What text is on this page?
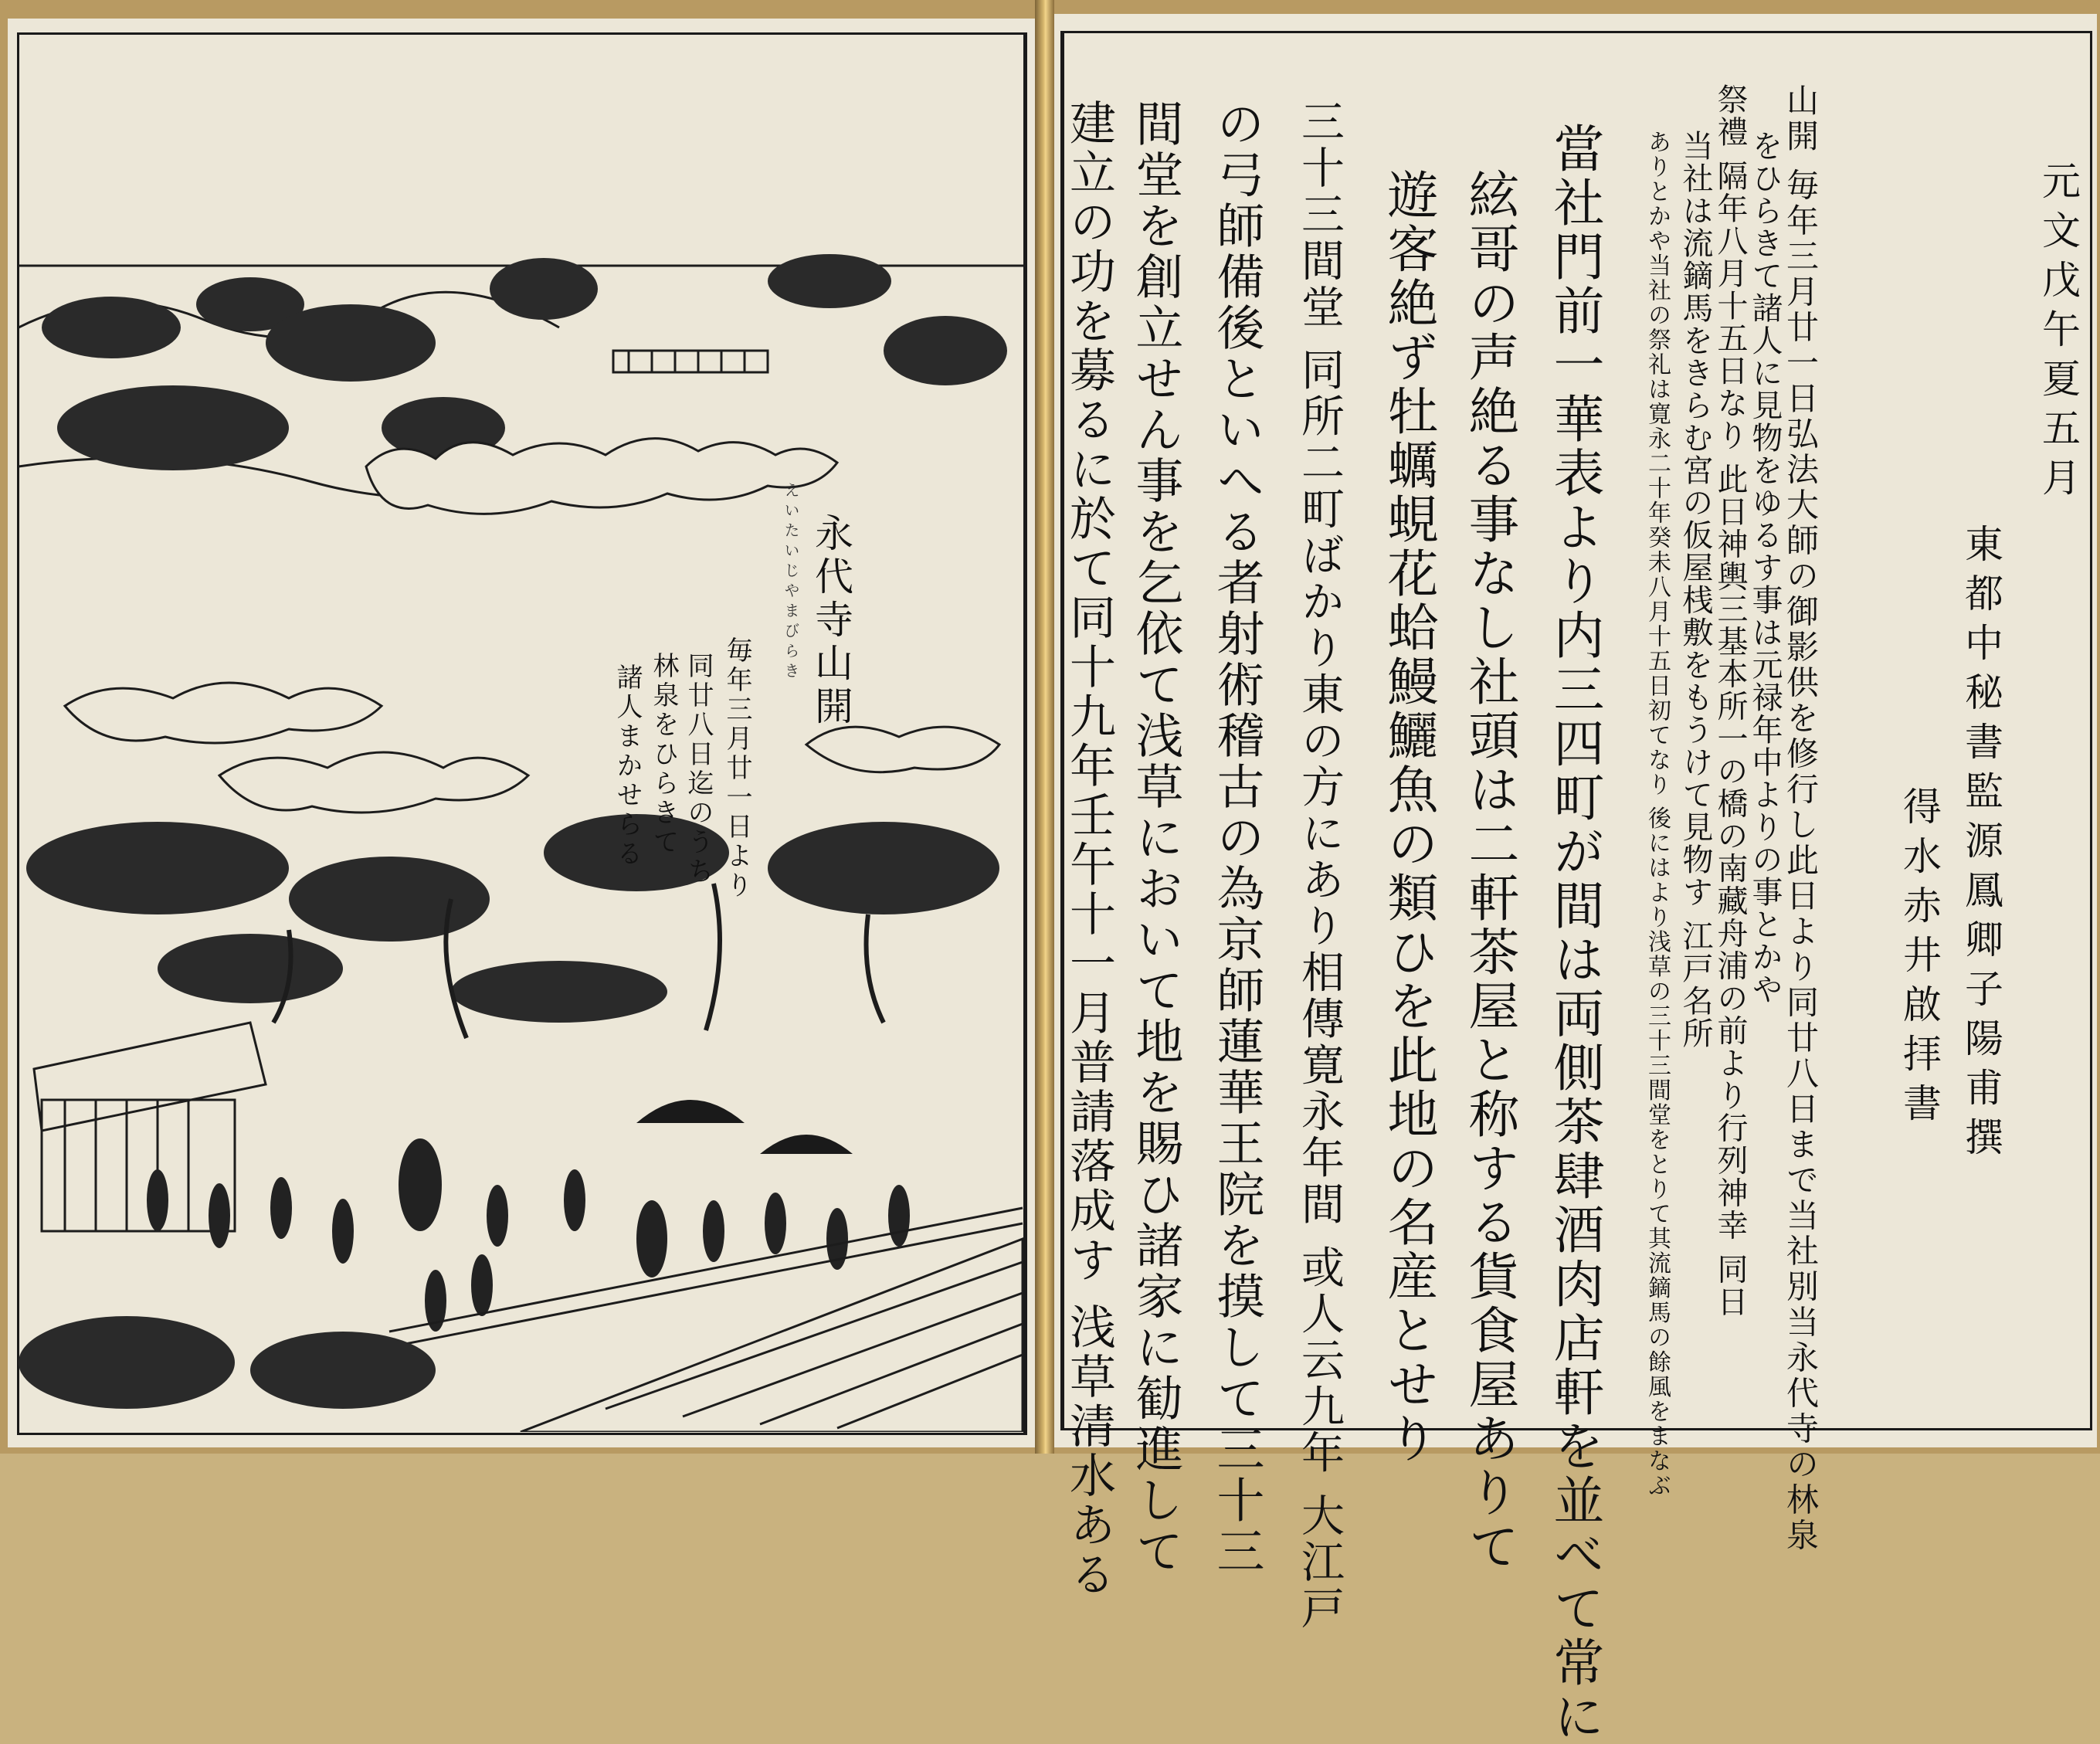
永代寺山開
えいたいじやまびらき
毎年三月廿一日より
同廿八日迄のうち
林泉をひらきて
諸人まかせらる
元文戊午夏五月
東都中秘書監源鳳卿子陽甫撰
得水赤井啟拝書
山開 毎年三月廿一日弘法大師の御影供を修行し此日より同廿八日まで当社別当永代寺の林泉
をひらきて諸人に見物をゆるす事は元禄年中よりの事とかや
祭禮 隔年八月十五日なり 此日神輿三基本所一の橋の南藏舟浦の前より行列神幸 同日
当社は流鏑馬をきらむ宮の仮屋桟敷をもうけて見物す 江戸名所
ありとかや当社の祭礼は寛永二十年癸未八月十五日初てなり 後にはより浅草の三十三間堂をとりて其流鏑馬の餘風をまなぶ
當社門前一華表より内三四町が間は両側茶肆酒肉店軒を並べて常に
絃哥の声絶る事なし社頭は二軒茶屋と称する貨食屋ありて
遊客絶ず牡蠣蜆花蛤鰻鱺魚の類ひを此地の名産とせり
三十三間堂 同所二町ばかり東の方にあり相傳寛永年間 或人云九年 大江戸
の弓師備後といへる者射術稽古の為京師蓮華王院を摸して三十三
間堂を創立せん事を乞依て浅草において地を賜ひ諸家に勧進して
建立の功を募るに於て同十九年壬午十一月普請落成す 浅草清水ある
